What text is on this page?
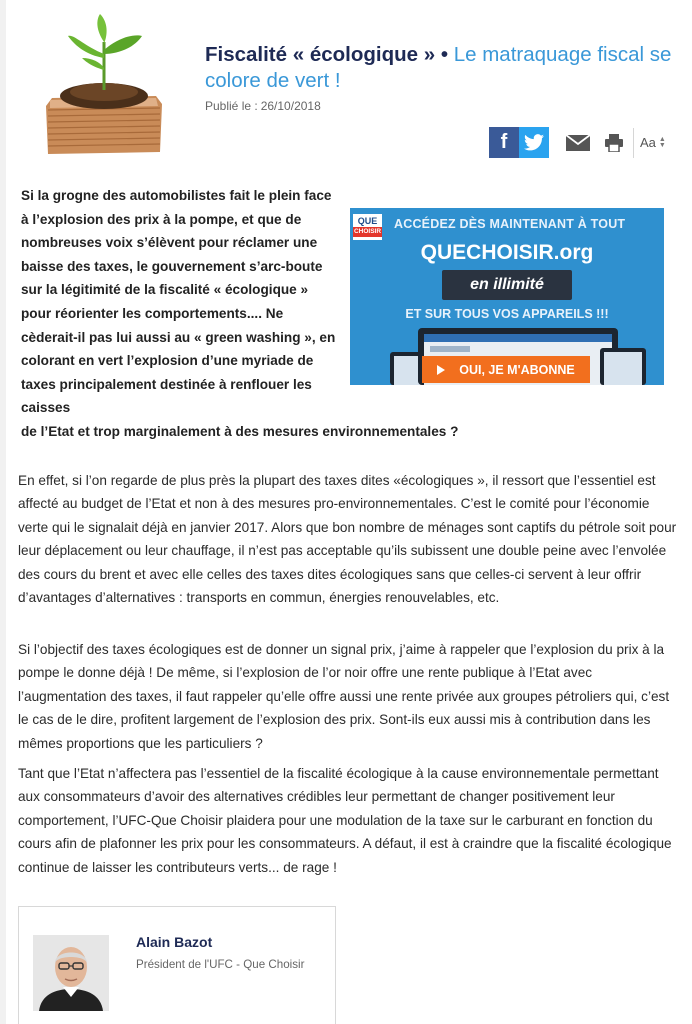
Fiscalité « écologique » • Le matraquage fiscal se colore de vert !
Publié le : 26/10/2018
f	Aa ▲
▼
Si la grogne des automobilistes fait le plein face à l’explosion des prix à la pompe, et que de nombreuses voix s’élèvent pour réclamer une baisse des taxes, le gouvernement s’arc-boute sur la légitimité de la fiscalité « écologique » pour réorienter les comportements.... Ne cèderait-il pas lui aussi au « green washing », en colorant en vert l’explosion d’une myriade de taxes principalement destinée à renflouer les caisses
de l’Etat et trop marginalement à des mesures environnementales ?
QUE
CHOISIR
ACCÉDEZ DÈS MAINTENANT À TOUT
QUECHOISIR.org
en illimité
ET SUR TOUS VOS APPAREILS !!!
OUI, JE M'ABONNE

En effet, si l’on regarde de plus près la plupart des taxes dites «écologiques », il ressort que l’essentiel est affecté au budget de l’Etat et non à des mesures pro-environnementales. C’est le comité pour l’économie verte qui le signalait déjà en janvier 2017. Alors que bon nombre de ménages sont captifs du pétrole soit pour leur déplacement ou leur chauffage, il n’est pas acceptable qu’ils subissent une double peine avec l’envolée des cours du brent et avec elle celles des taxes dites écologiques sans que celles-ci servent à leur offrir d’avantages d’alternatives : transports en commun, énergies renouvelables, etc.

Si l’objectif des taxes écologiques est de donner un signal prix, j’aime à rappeler que l’explosion du prix à la pompe le donne déjà ! De même, si l’explosion de l’or noir offre une rente publique à l’Etat avec l’augmentation des taxes, il faut rappeler qu’elle offre aussi une rente privée aux groupes pétroliers qui, c’est le cas de le dire, profitent largement de l’explosion des prix. Sont-ils eux aussi mis à contribution dans les mêmes proportions que les particuliers ?

Tant que l’Etat n’affectera pas l’essentiel de la fiscalité écologique à la cause environnementale permettant aux consommateurs d’avoir des alternatives crédibles leur permettant de changer positivement leur comportement, l’UFC-Que Choisir plaidera pour une modulation de la taxe sur le carburant en fonction du cours afin de plafonner les prix pour les consommateurs. A défaut, il est à craindre que la fiscalité écologique continue de laisser les contributeurs verts... de rage !

Alain Bazot
Président de l'UFC - Que Choisir
